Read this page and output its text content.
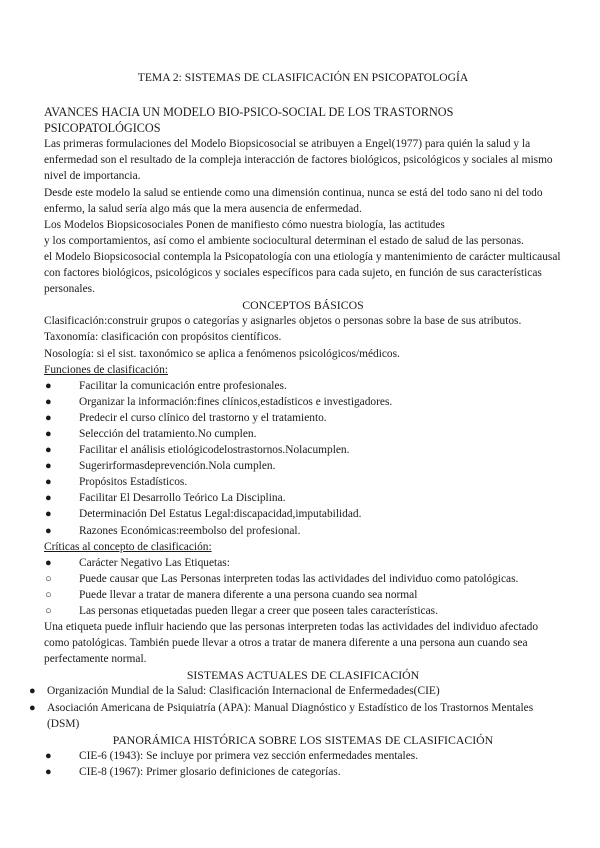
TEMA 2: SISTEMAS DE CLASIFICACIÓN EN PSICOPATOLOGÍA
AVANCES HACIA UN MODELO BIO-PSICO-SOCIAL DE LOS TRASTORNOS PSICOPATOLÓGICOS

Las primeras formulaciones del Modelo Biopsicosocial se atribuyen a Engel(1977) para quién la salud y la enfermedad son el resultado de la compleja interacción de factores biológicos, psicológicos y sociales al mismo nivel de importancia.

Desde este modelo la salud se entiende como una dimensión continua, nunca se está del todo sano ni del todo enfermo, la salud sería algo más que la mera ausencia de enfermedad.

Los Modelos Biopsicosociales Ponen de manifiesto cómo nuestra biología, las actitudes

y los comportamientos, así como el ambiente sociocultural determinan el estado de salud de las personas.

el Modelo Biopsicosocial contempla la Psicopatología con una etiología y mantenimiento de carácter multicausal con factores biológicos, psicológicos y sociales específicos para cada sujeto, en función de sus características personales.

CONCEPTOS BÁSICOS

Clasificación:construir grupos o categorías y asignarles objetos o personas sobre la base de sus atributos.

Taxonomía: clasificación con propósitos científicos.

Nosología: si el sist. taxonómico se aplica a fenómenos psicológicos/médicos.

Funciones de clasificación:
● Facilitar la comunicación entre profesionales.
● Organizar la información:fines clínicos,estadísticos e investigadores.
● Predecir el curso clínico del trastorno y el tratamiento.
● Selección del tratamiento.No cumplen.
● Facilitar el análisis etiológicodelostrastornos.Nolacumplen.
● Sugerirformasdeprevención.Nola cumplen.
● Propósitos Estadísticos.
● Facilitar El Desarrollo Teórico La Disciplina.
● Determinación Del Estatus Legal:discapacidad,imputabilidad.
● Razones Económicas:reembolso del profesional.
Críticas al concepto de clasificación:
● Carácter Negativo Las Etiquetas:
○ Puede causar que Las Personas interpreten todas las actividades del individuo como patológicas.
○ Puede llevar a tratar de manera diferente a una persona cuando sea normal
○ Las personas etiquetadas pueden llegar a creer que poseen tales características.

Una etiqueta puede influir haciendo que las personas interpreten todas las actividades del individuo afectado como patológicas. También puede llevar a otros a tratar de manera diferente a una persona aun cuando sea perfectamente normal.

SISTEMAS ACTUALES DE CLASIFICACIÓN
● Organización Mundial de la Salud: Clasificación Internacional de Enfermedades(CIE)
● Asociación Americana de Psiquiatría (APA): Manual Diagnóstico y Estadístico de los Trastornos Mentales (DSM)
PANORÁMICA HISTÓRICA SOBRE LOS SISTEMAS DE CLASIFICACIÓN
● CIE-6 (1943): Se incluye por primera vez sección enfermedades mentales.
● CIE-8 (1967): Primer glosario definiciones de categorías.
